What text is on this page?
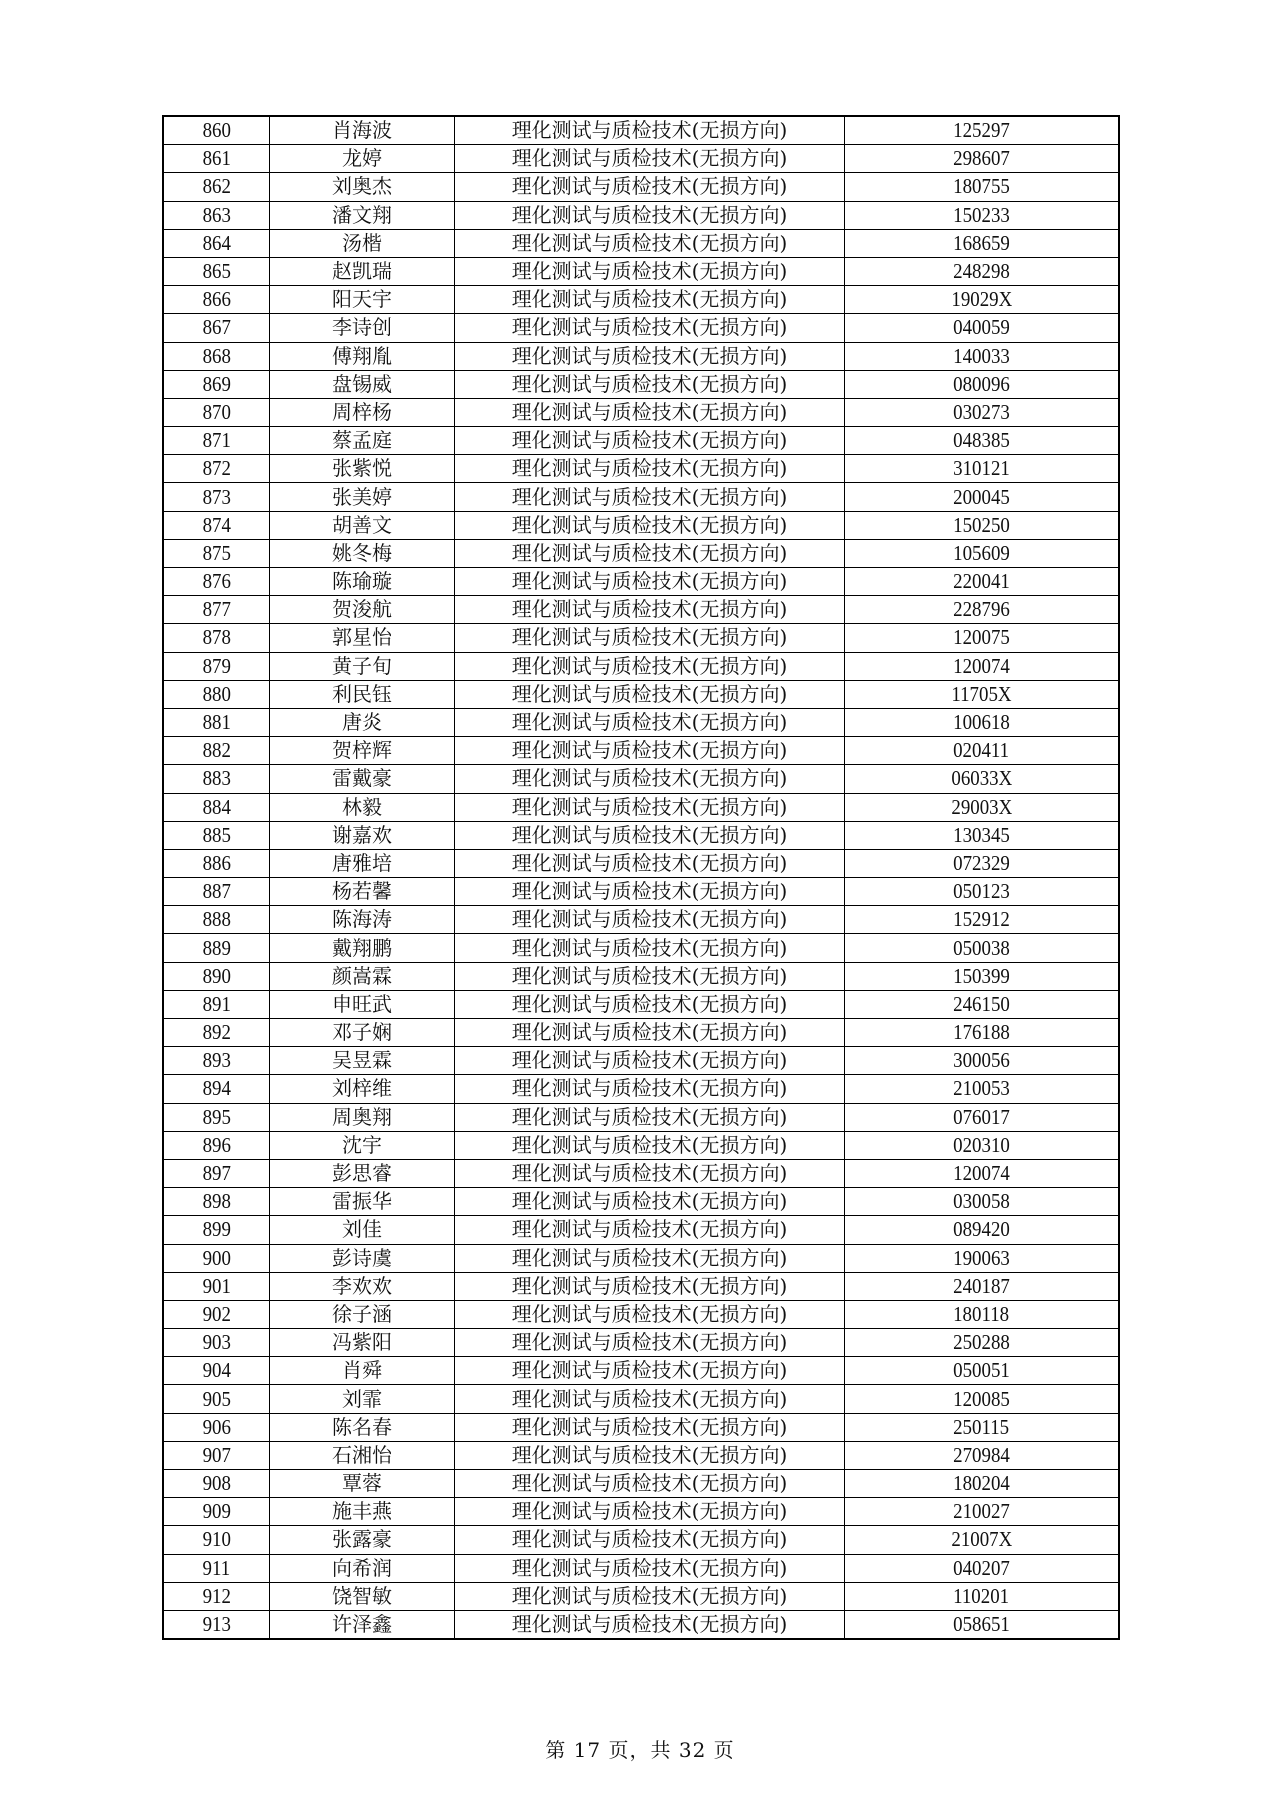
860	肖海波	理化测试与质检技术(无损方向)	125297
861	龙婷	理化测试与质检技术(无损方向)	298607
862	刘奥杰	理化测试与质检技术(无损方向)	180755
863	潘文翔	理化测试与质检技术(无损方向)	150233
864	汤楷	理化测试与质检技术(无损方向)	168659
865	赵凯瑞	理化测试与质检技术(无损方向)	248298
866	阳天宇	理化测试与质检技术(无损方向)	19029X
867	李诗创	理化测试与质检技术(无损方向)	040059
868	傅翔胤	理化测试与质检技术(无损方向)	140033
869	盘锡威	理化测试与质检技术(无损方向)	080096
870	周梓杨	理化测试与质检技术(无损方向)	030273
871	蔡孟庭	理化测试与质检技术(无损方向)	048385
872	张紫悦	理化测试与质检技术(无损方向)	310121
873	张美婷	理化测试与质检技术(无损方向)	200045
874	胡善文	理化测试与质检技术(无损方向)	150250
875	姚冬梅	理化测试与质检技术(无损方向)	105609
876	陈瑜璇	理化测试与质检技术(无损方向)	220041
877	贺浚航	理化测试与质检技术(无损方向)	228796
878	郭星怡	理化测试与质检技术(无损方向)	120075
879	黄子旬	理化测试与质检技术(无损方向)	120074
880	利民钰	理化测试与质检技术(无损方向)	11705X
881	唐炎	理化测试与质检技术(无损方向)	100618
882	贺梓辉	理化测试与质检技术(无损方向)	020411
883	雷戴豪	理化测试与质检技术(无损方向)	06033X
884	林毅	理化测试与质检技术(无损方向)	29003X
885	谢嘉欢	理化测试与质检技术(无损方向)	130345
886	唐雅培	理化测试与质检技术(无损方向)	072329
887	杨若馨	理化测试与质检技术(无损方向)	050123
888	陈海涛	理化测试与质检技术(无损方向)	152912
889	戴翔鹏	理化测试与质检技术(无损方向)	050038
890	颜嵩霖	理化测试与质检技术(无损方向)	150399
891	申旺武	理化测试与质检技术(无损方向)	246150
892	邓子娴	理化测试与质检技术(无损方向)	176188
893	吴昱霖	理化测试与质检技术(无损方向)	300056
894	刘梓维	理化测试与质检技术(无损方向)	210053
895	周奥翔	理化测试与质检技术(无损方向)	076017
896	沈宇	理化测试与质检技术(无损方向)	020310
897	彭思睿	理化测试与质检技术(无损方向)	120074
898	雷振华	理化测试与质检技术(无损方向)	030058
899	刘佳	理化测试与质检技术(无损方向)	089420
900	彭诗虞	理化测试与质检技术(无损方向)	190063
901	李欢欢	理化测试与质检技术(无损方向)	240187
902	徐子涵	理化测试与质检技术(无损方向)	180118
903	冯紫阳	理化测试与质检技术(无损方向)	250288
904	肖舜	理化测试与质检技术(无损方向)	050051
905	刘霏	理化测试与质检技术(无损方向)	120085
906	陈名春	理化测试与质检技术(无损方向)	250115
907	石湘怡	理化测试与质检技术(无损方向)	270984
908	覃蓉	理化测试与质检技术(无损方向)	180204
909	施丰燕	理化测试与质检技术(无损方向)	210027
910	张露豪	理化测试与质检技术(无损方向)	21007X
911	向希润	理化测试与质检技术(无损方向)	040207
912	饶智敏	理化测试与质检技术(无损方向)	110201
913	许泽鑫	理化测试与质检技术(无损方向)	058651
第 17 页，共 32 页
